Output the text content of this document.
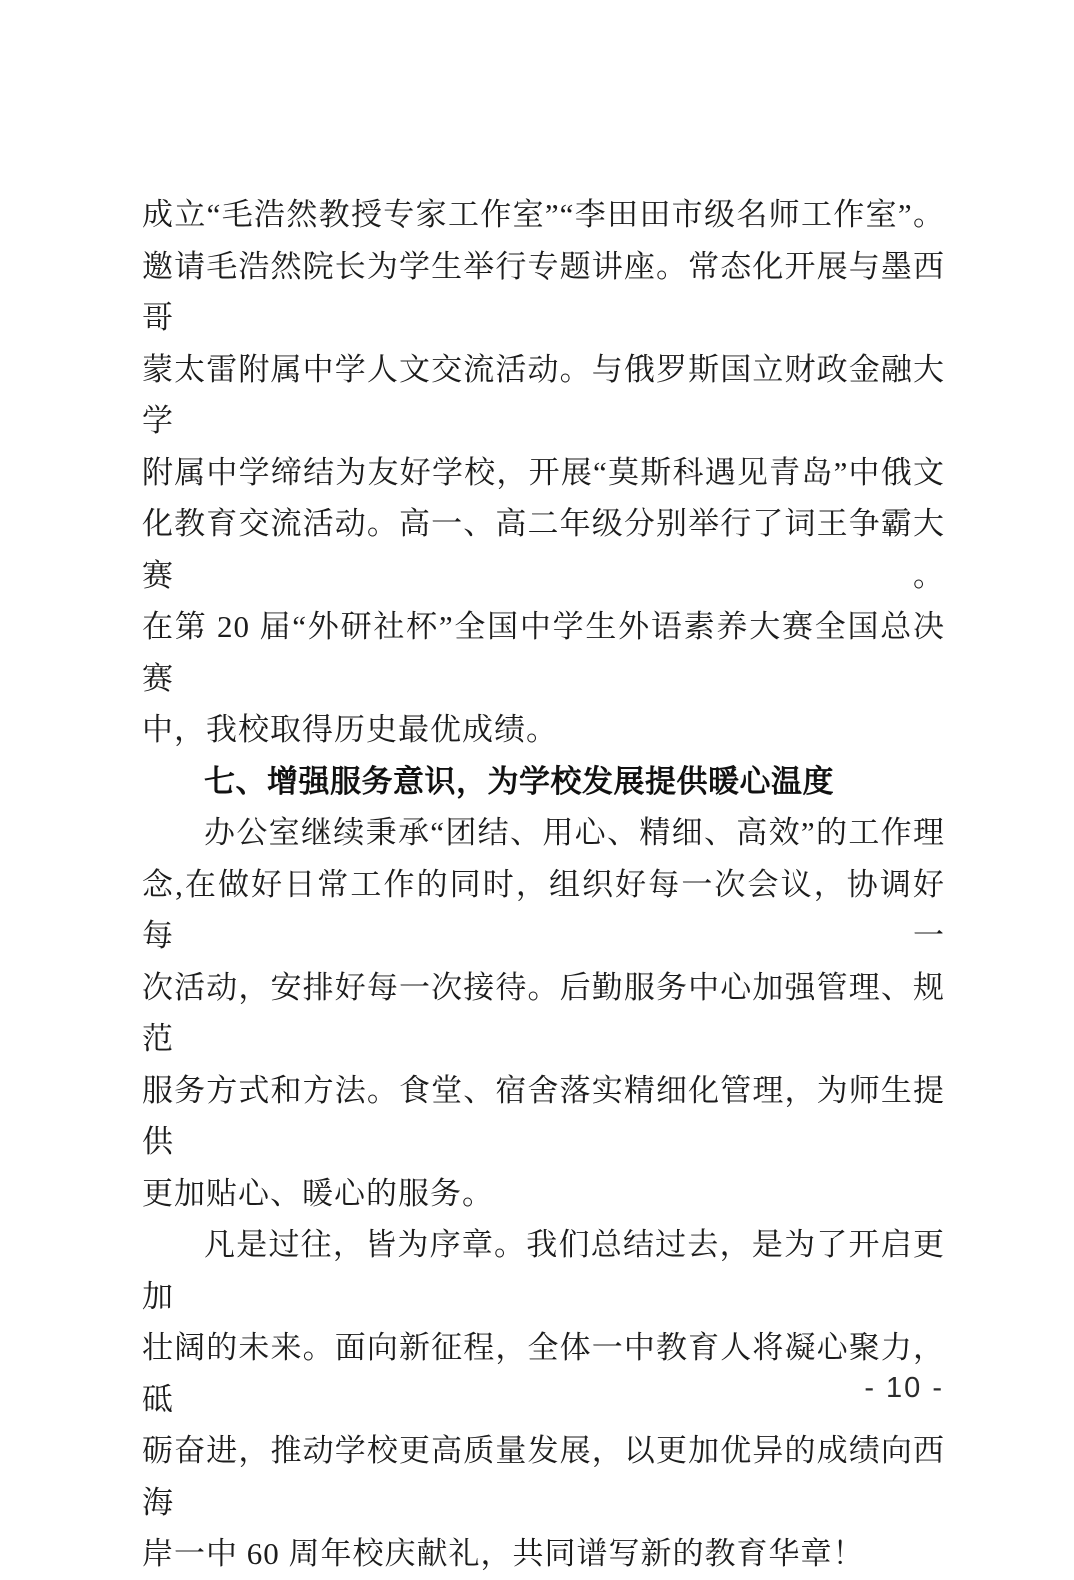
成立“毛浩然教授专家工作室”“李田田市级名师工作室”。

邀请毛浩然院长为学生举行专题讲座。常态化开展与墨西哥

蒙太雷附属中学人文交流活动。与俄罗斯国立财政金融大学

附属中学缔结为友好学校，开展“莫斯科遇见青岛”中俄文

化教育交流活动。高一、高二年级分别举行了词王争霸大赛。

在第 20 届“外研社杯”全国中学生外语素养大赛全国总决赛

中，我校取得历史最优成绩。

七、增强服务意识，为学校发展提供暖心温度

办公室继续秉承“团结、用心、精细、高效”的工作理

念,在做好日常工作的同时，组织好每一次会议，协调好每一

次活动，安排好每一次接待。后勤服务中心加强管理、规范

服务方式和方法。食堂、宿舍落实精细化管理，为师生提供

更加贴心、暖心的服务。

凡是过往，皆为序章。我们总结过去，是为了开启更加

壮阔的未来。面向新征程，全体一中教育人将凝心聚力，砥

砺奋进，推动学校更高质量发展，以更加优异的成绩向西海

岸一中 60 周年校庆献礼，共同谱写新的教育华章！

- 10 -
